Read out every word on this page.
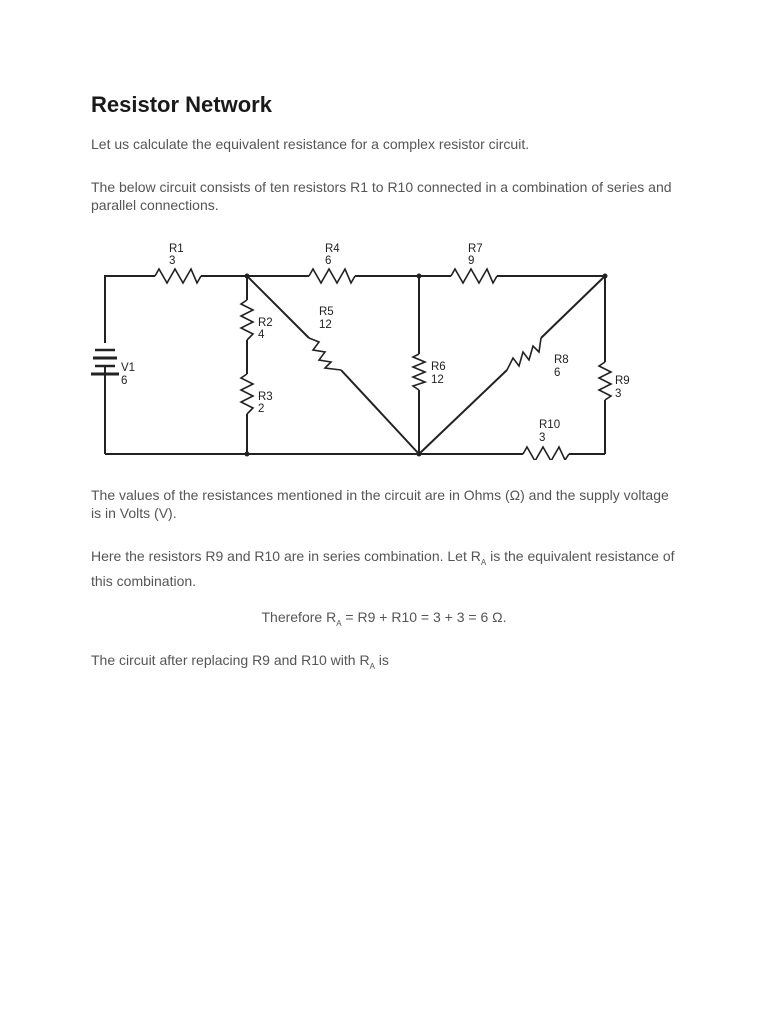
Resistor Network

Let us calculate the equivalent resistance for a complex resistor circuit.

The below circuit consists of ten resistors R1 to R10 connected in a combination of series and parallel connections.

V1
6
R1
3
R2
4
R3
2
R4
6
R5
12
R6
12
R7
9
R8
6
R9
3
R10
3

The values of the resistances mentioned in the circuit are in Ohms (Ω) and the supply voltage is in Volts (V).

Here the resistors R9 and R10 are in series combination. Let $R_A$ is the equivalent resistance of this combination.

Therefore $R_A = R9 + R10 = 3 + 3 = 6$ Ω.

The circuit after replacing R9 and R10 with $R_A$ is
